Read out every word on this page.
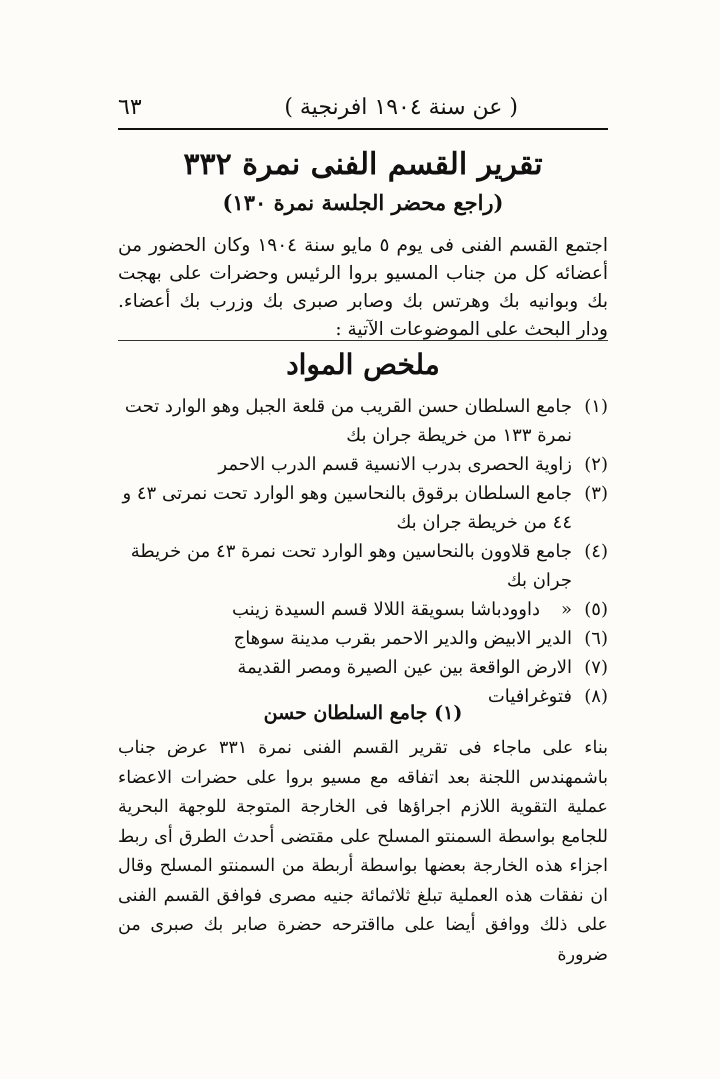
( عن سنة ١٩٠٤ افرنجية )
٦٣
تقرير القسم الفنى نمرة ٣٣٢
(راجع محضر الجلسة نمرة ١٣٠)

اجتمع القسم الفنى فى يوم ٥ مايو سنة ١٩٠٤ وكان الحضور من أعضائه كل من جناب المسيو بروا الرئيس وحضرات على بهجت بك وبوانيه بك وهرتس بك وصابر صبرى بك وزرب بك أعضاء. ودار البحث على الموضوعات الآتية :

ملخص المواد
(١)
جامع السلطان حسن القريب من قلعة الجبل وهو الوارد تحت نمرة ١٣٣ من خريطة جران بك
(٢)
زاوية الحصرى بدرب الانسية قسم الدرب الاحمر
(٣)
جامع السلطان برقوق بالنحاسين وهو الوارد تحت نمرتى ٤٣ و ٤٤ من خريطة جران بك
(٤)
جامع قلاوون بالنحاسين وهو الوارد تحت نمرة ٤٣ من خريطة جران بك
(٥)
«داوودباشا بسويقة اللالا قسم السيدة زينب
(٦)
الدير الابيض والدير الاحمر بقرب مدينة سوهاج
(٧)
الارض الواقعة بين عين الصيرة ومصر القديمة
(٨)
فتوغرافيات
(١) جامع السلطان حسن

بناء على ماجاء فى تقرير القسم الفنى نمرة ٣٣١ عرض جناب باشمهندس اللجنة بعد اتفاقه مع مسيو بروا على حضرات الاعضاء عملية التقوية اللازم اجراؤها فى الخارجة المتوجة للوجهة البحرية للجامع بواسطة السمنتو المسلح على مقتضى أحدث الطرق أى ربط اجزاء هذه الخارجة بعضها بواسطة أربطة من السمنتو المسلح وقال ان نفقات هذه العملية تبلغ ثلاثمائة جنيه مصرى فوافق القسم الفنى على ذلك ووافق أيضا على مااقترحه حضرة صابر بك صبرى من ضرورة
